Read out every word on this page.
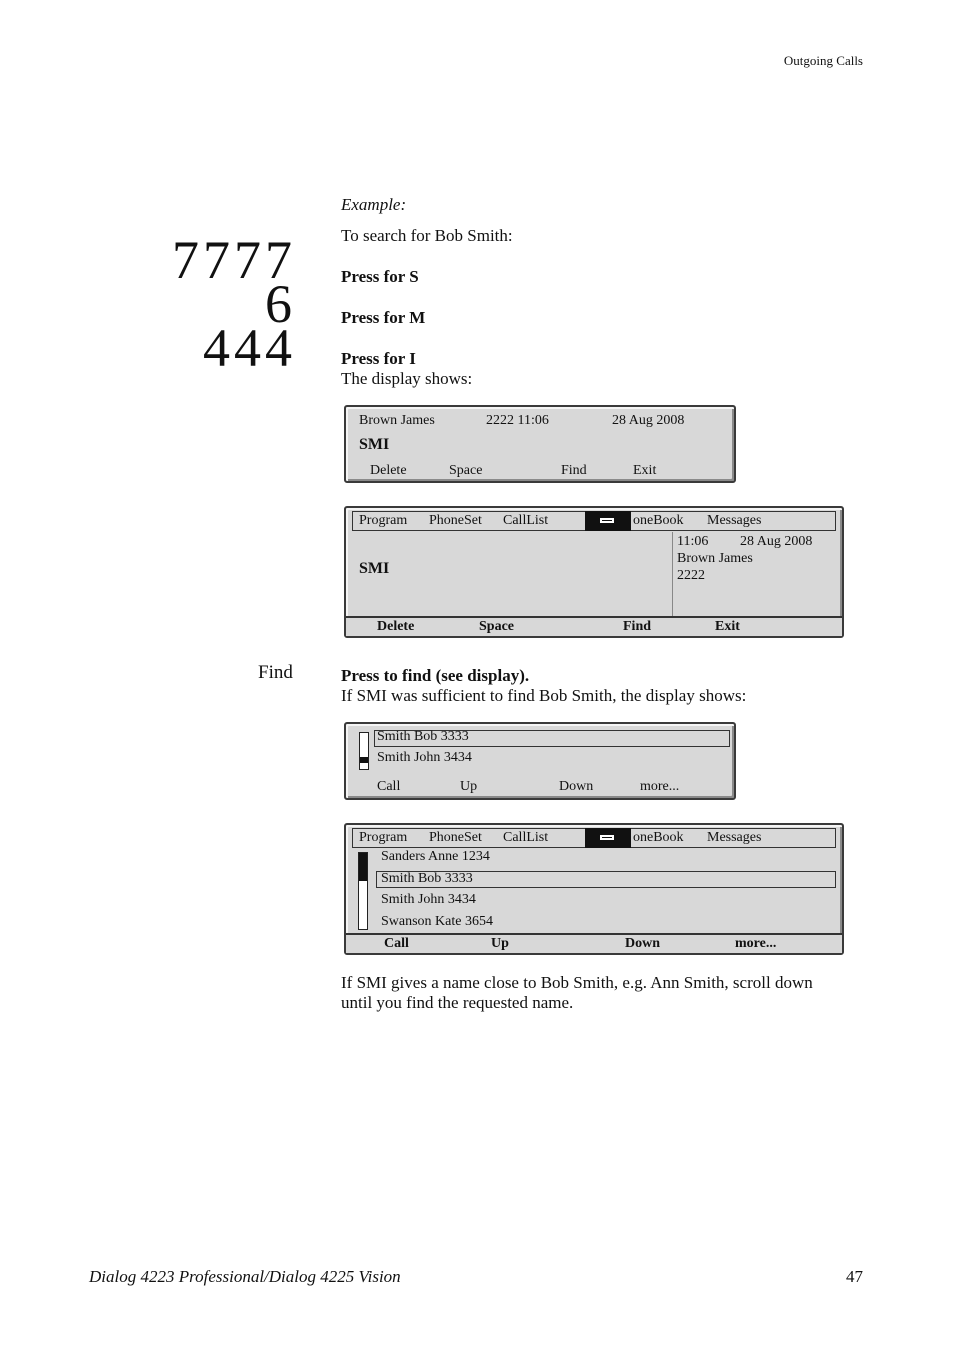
Outgoing Calls
Example:
To search for Bob Smith:
7777
6
444
Press for S
Press for M
Press for I
The display shows:
Brown James	2222 11:06	28 Aug 2008
SMI
Delete	Space	Find	Exit
Program PhoneSet CallList	oneBook Messages
SMI
11:06 28 Aug 2008
Brown James
2222
Delete	Space	Find	Exit
Find	Press to find (see display).
If SMI was sufficient to find Bob Smith, the display shows:
Smith Bob 3333
Smith John 3434
Call	Up	Down	more...
Program PhoneSet CallList	oneBook Messages
Sanders Anne 1234
Smith Bob 3333
Smith John 3434
Swanson Kate 3654
Call	Up	Down	more...
If SMI gives a name close to Bob Smith, e.g. Ann Smith, scroll down
until you find the requested name.
Dialog 4223 Professional/Dialog 4225 Vision	47
